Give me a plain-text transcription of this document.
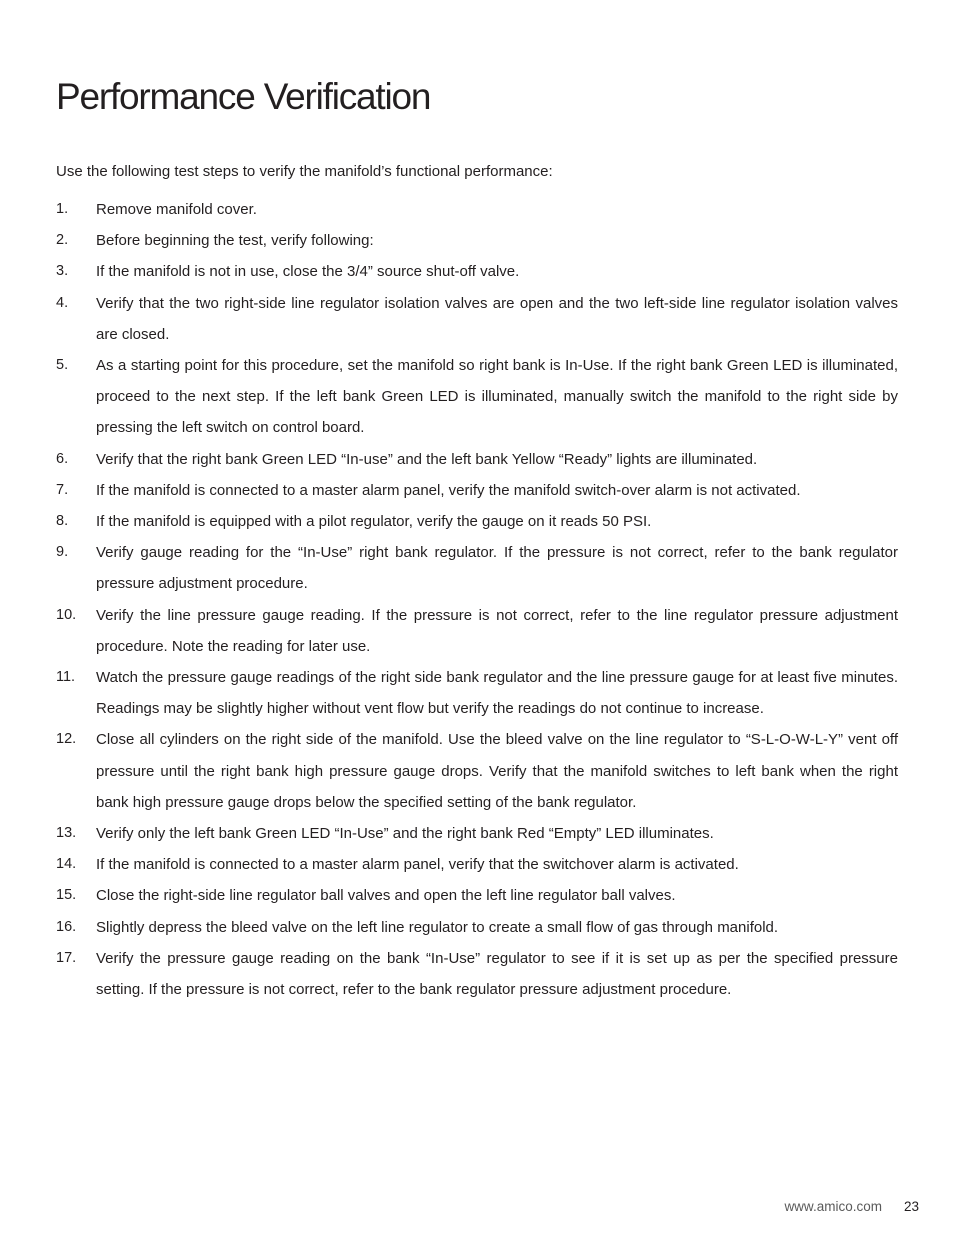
Performance Verification

Use the following test steps to verify the manifold’s functional performance:

1.	Remove manifold cover.
2.	Before beginning the test, verify following:
3.	If the manifold is not in use, close the 3/4” source shut-off valve.
4.	Verify that the two right-side line regulator isolation valves are open and the two left-side line regulator isolation valves are closed.
5.	As a starting point for this procedure, set the manifold so right bank is In-Use. If the right bank Green LED is illuminated, proceed to the next step. If the left bank Green LED is illuminated, manually switch the manifold to the right side by pressing the left switch on control board.
6.	Verify that the right bank Green LED “In-use” and the left bank Yellow “Ready” lights are illuminated.
7.	If the manifold is connected to a master alarm panel, verify the manifold switch-over alarm is not activated.
8.	If the manifold is equipped with a pilot regulator, verify the gauge on it reads 50 PSI.
9.	Verify gauge reading for the “In-Use” right bank regulator. If the pressure is not correct, refer to the bank regulator pressure adjustment procedure.
10.	Verify the line pressure gauge reading. If the pressure is not correct, refer to the line regulator pressure adjustment procedure. Note the reading for later use.
11.	Watch the pressure gauge readings of the right side bank regulator and the line pressure gauge for at least five minutes. Readings may be slightly higher without vent flow but verify the readings do not continue to increase.
12.	Close all cylinders on the right side of the manifold. Use the bleed valve on the line regulator to “S-L-O-W-L-Y” vent off pressure until the right bank high pressure gauge drops. Verify that the manifold switches to left bank when the right bank high pressure gauge drops below the specified setting of the bank regulator.
13.	Verify only the left bank Green LED “In-Use” and the right bank Red “Empty” LED illuminates.
14.	If the manifold is connected to a master alarm panel, verify that the switchover alarm is activated.
15.	Close the right-side line regulator ball valves and open the left line regulator ball valves.
16.	Slightly depress the bleed valve on the left line regulator to create a small flow of gas through manifold.
17.	Verify the pressure gauge reading on the bank “In-Use” regulator to see if it is set up as per the specified pressure setting. If the pressure is not correct, refer to the bank regulator pressure adjustment procedure.
www.amico.com 23
